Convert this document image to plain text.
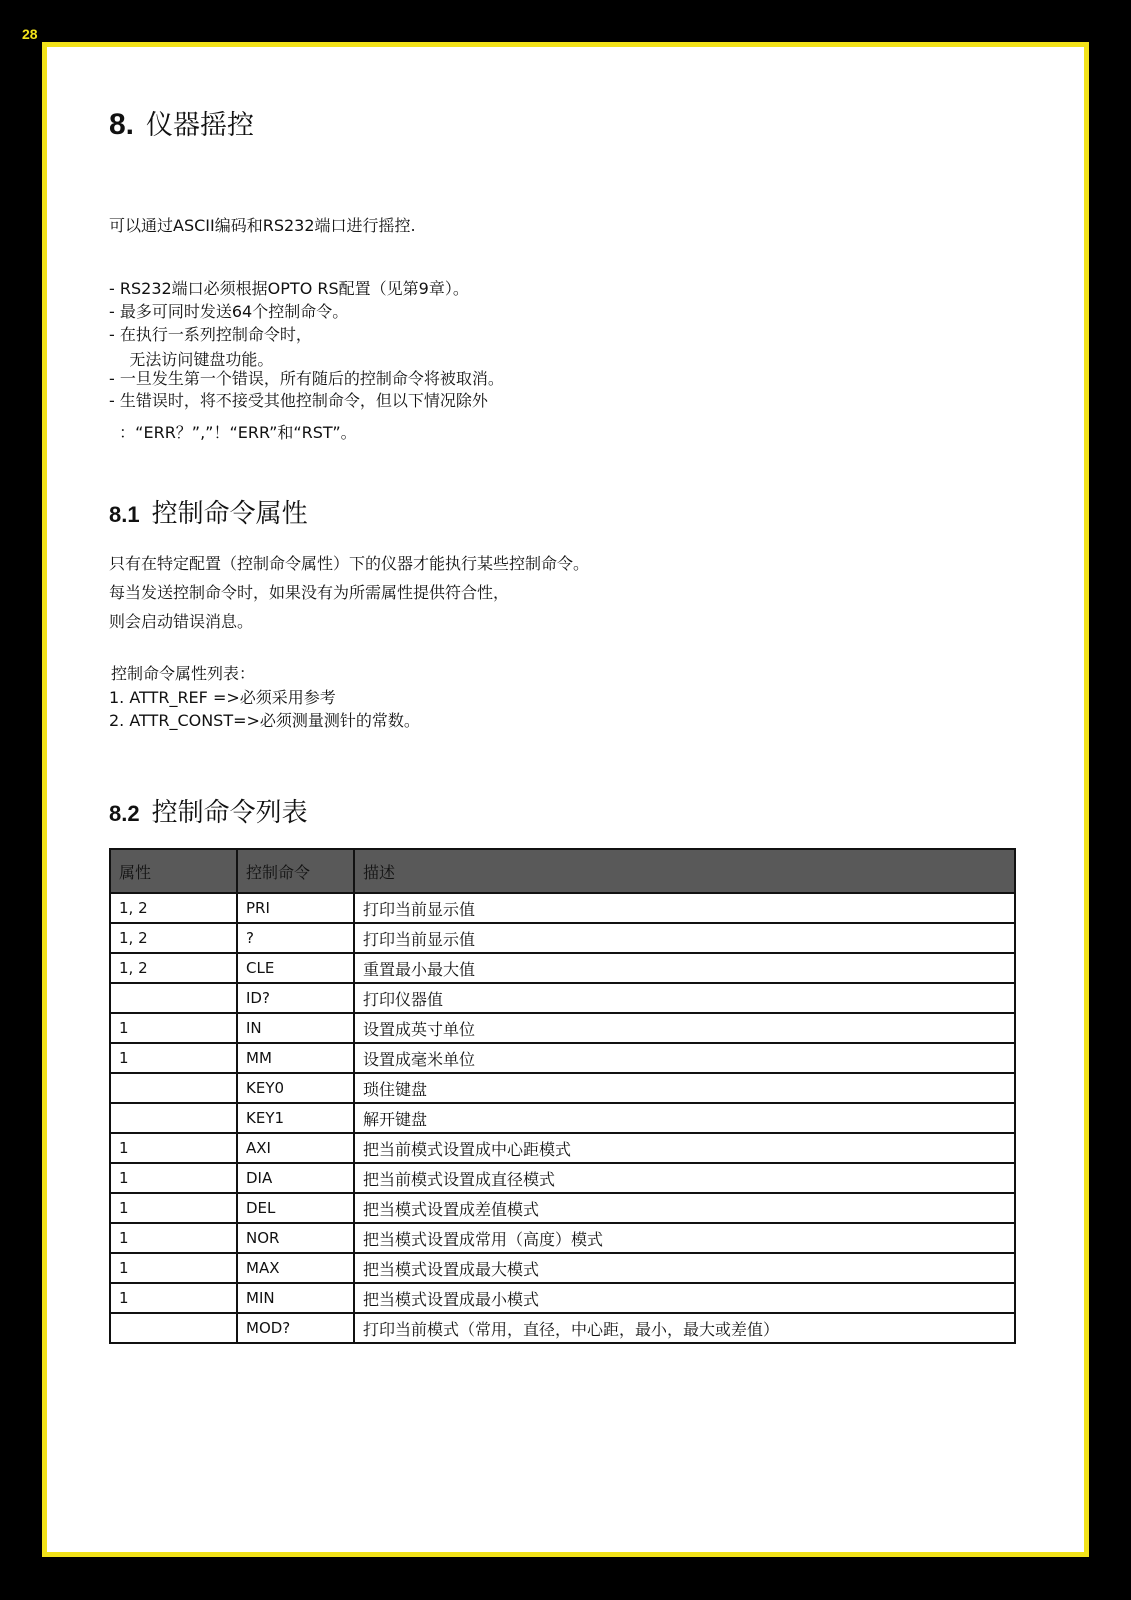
28
8. 仪器摇控
可以通过ASCII编码和RS232端口进行摇控.
- RS232端口必须根据OPTO RS配置（见第9章）。
- 最多可同时发送64个控制命令。
- 在执行一系列控制命令时，
无法访问键盘功能。
- 一旦发生第一个错误，所有随后的控制命令将被取消。
- 生错误时，将不接受其他控制命令，但以下情况除外
：“ERR？”,”！“ERR”和“RST”。
8.1 控制命令属性
只有在特定配置（控制命令属性）下的仪器才能执行某些控制命令。
每当发送控制命令时，如果没有为所需属性提供符合性，
则会启动错误消息。
控制命令属性列表：
1. ATTR_REF =>必须采用参考
2. ATTR_CONST=>必须测量测针的常数。
8.2 控制命令列表
属性	控制命令	描述
1, 2	PRI	打印当前显示值
1, 2	?	打印当前显示值
1, 2	CLE	重置最小最大值
	ID?	打印仪器值
1	IN	设置成英寸单位
1	MM	设置成毫米单位
	KEY0	琐住键盘
	KEY1	解开键盘
1	AXI	把当前模式设置成中心距模式
1	DIA	把当前模式设置成直径模式
1	DEL	把当模式设置成差值模式
1	NOR	把当模式设置成常用（高度）模式
1	MAX	把当模式设置成最大模式
1	MIN	把当模式设置成最小模式
	MOD?	打印当前模式（常用，直径，中心距，最小，最大或差值）
